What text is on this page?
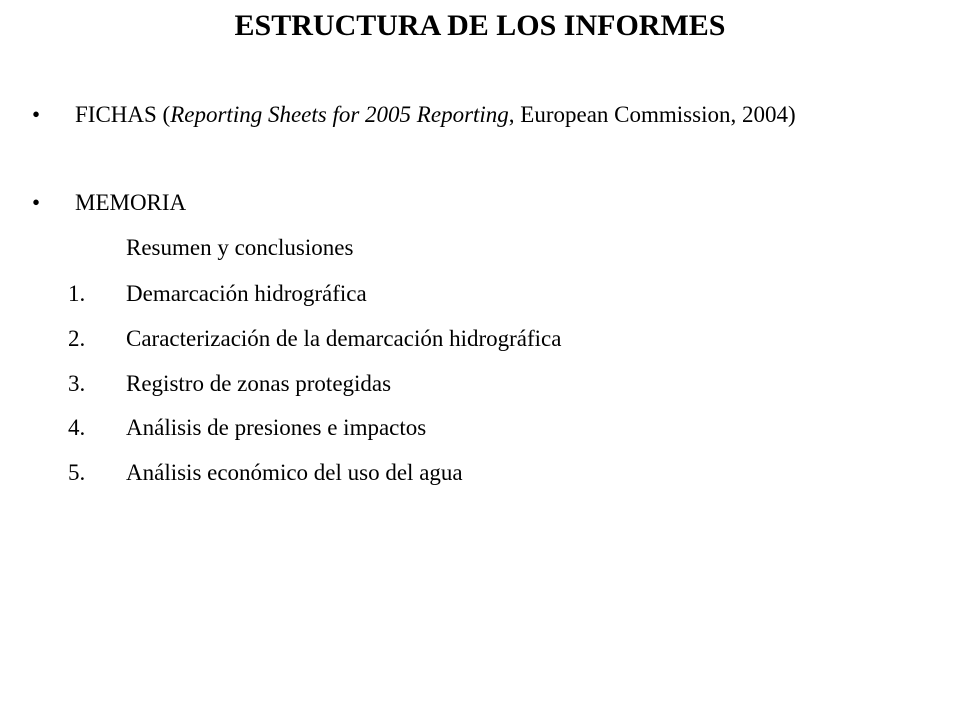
ESTRUCTURA DE LOS INFORMES
•	FICHAS (Reporting Sheets for 2005 Reporting, European Commission, 2004)
•	MEMORIA
Resumen y conclusiones
1.	Demarcación hidrográfica
2.	Caracterización de la demarcación hidrográfica
3.	Registro de zonas protegidas
4.	Análisis de presiones e impactos
5.	Análisis económico del uso del agua
